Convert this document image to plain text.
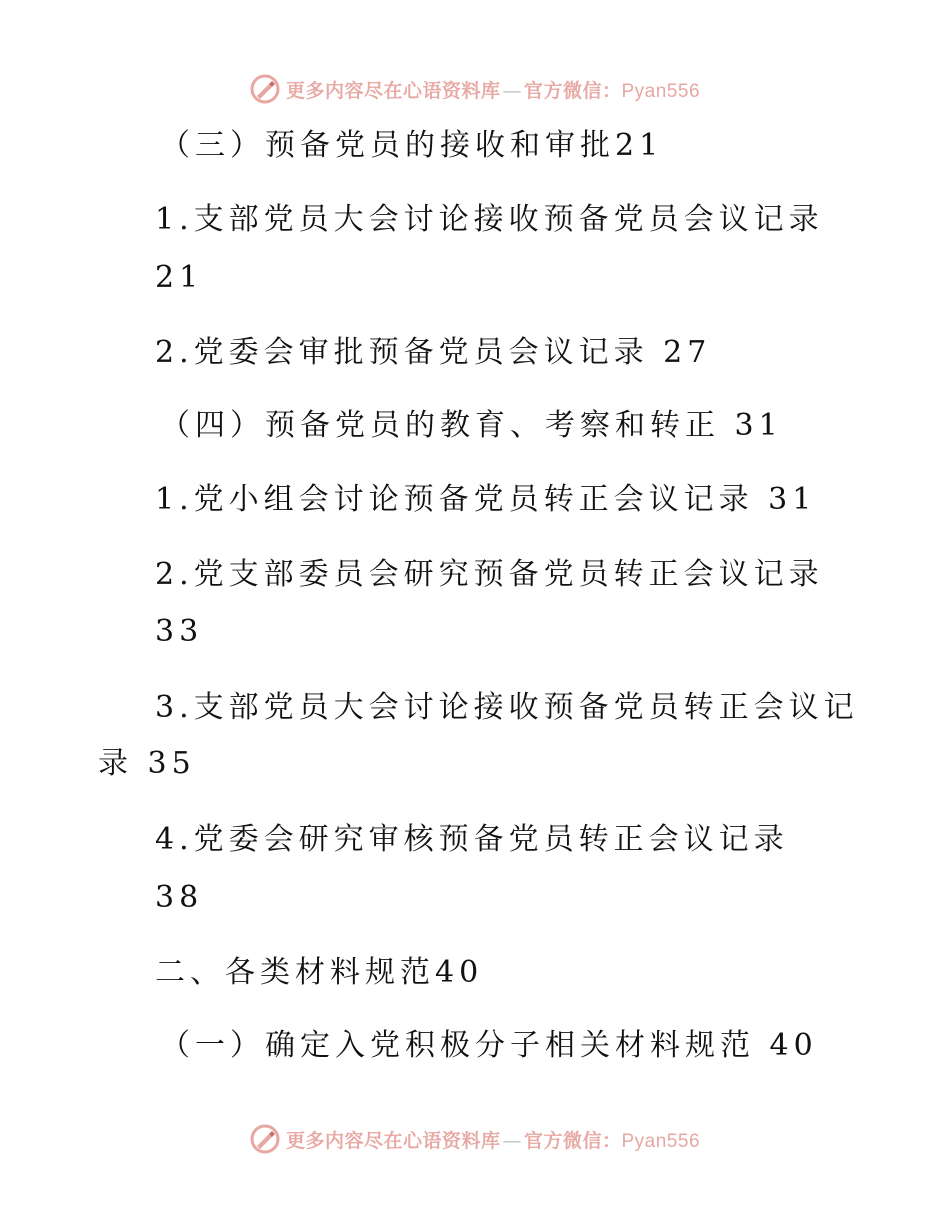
更多内容尽在心语资料库 — 官方微信：Pyan556
（三）预备党员的接收和审批21
1.支部党员大会讨论接收预备党员会议记录
21
2.党委会审批预备党员会议记录 27
（四）预备党员的教育、考察和转正 31
1.党小组会讨论预备党员转正会议记录 31
2.党支部委员会研究预备党员转正会议记录
33
3.支部党员大会讨论接收预备党员转正会议记
录 35
4.党委会研究审核预备党员转正会议记录
38
二、各类材料规范40
（一）确定入党积极分子相关材料规范 40
更多内容尽在心语资料库 — 官方微信：Pyan556
